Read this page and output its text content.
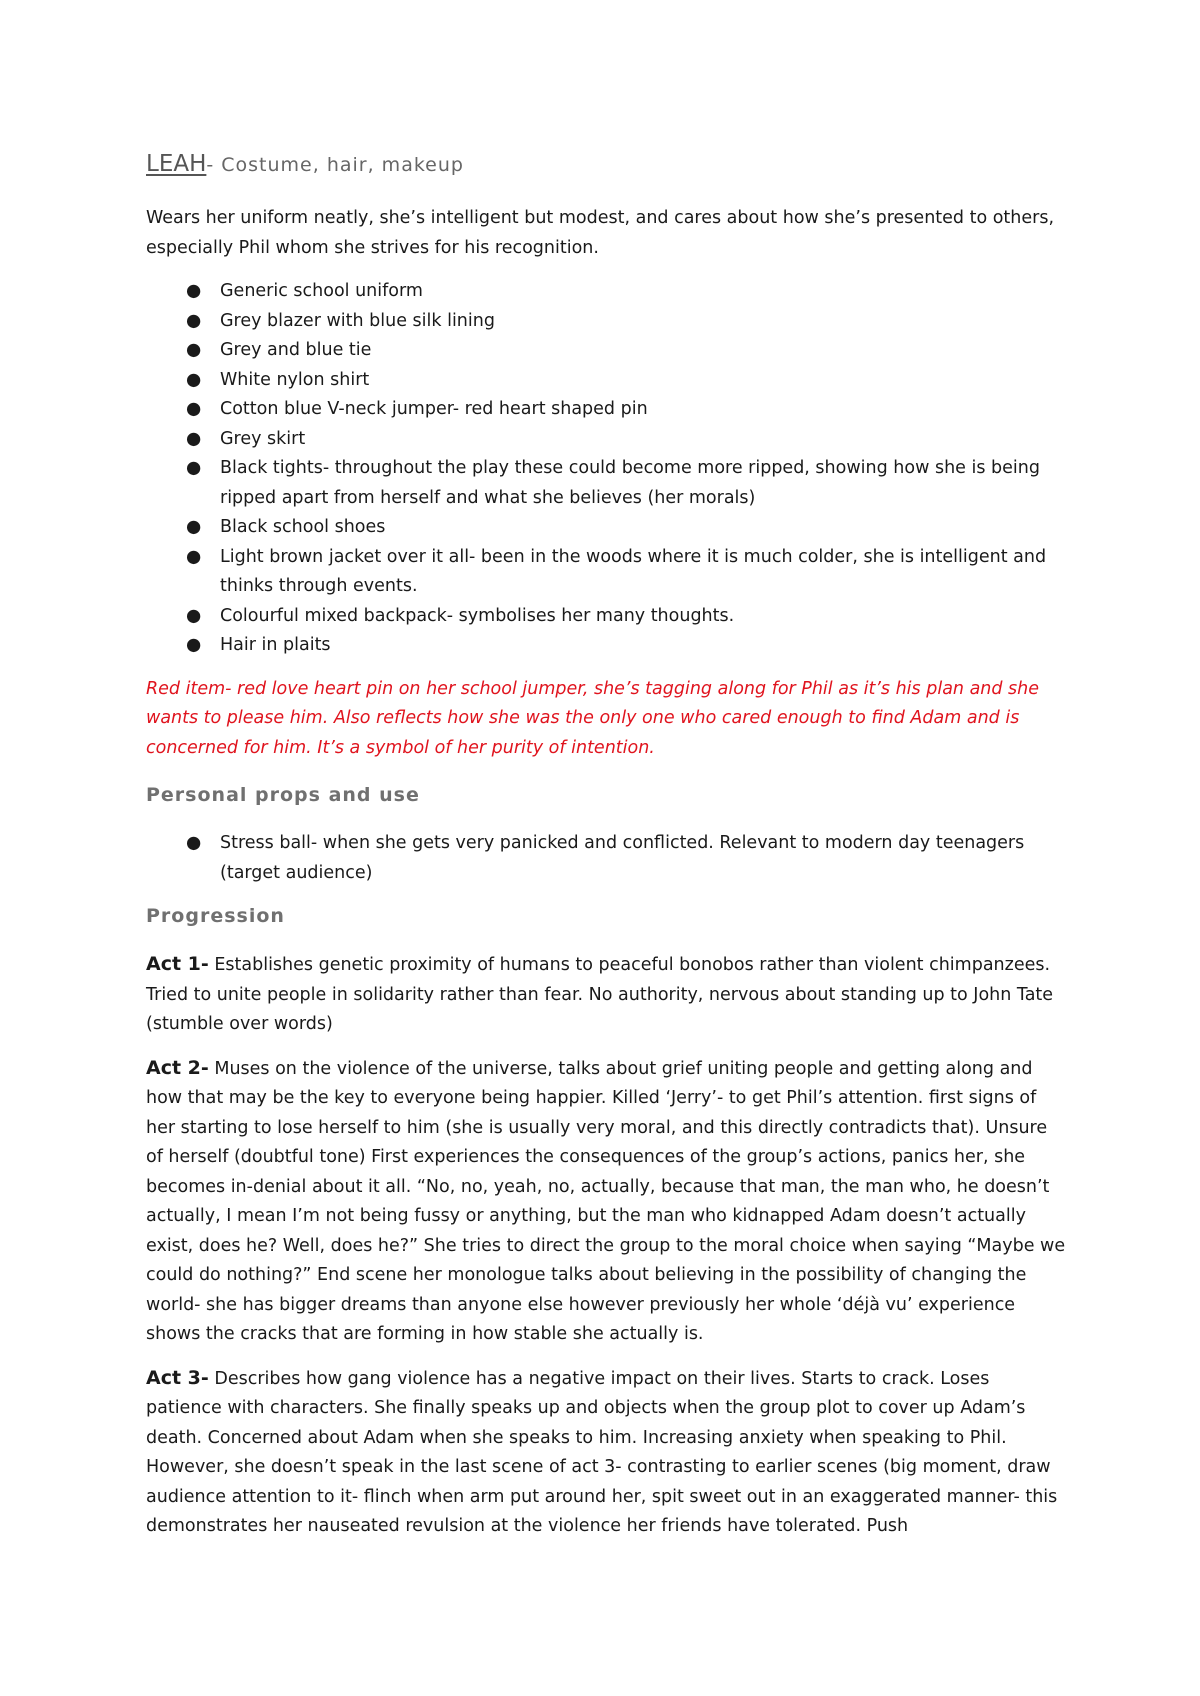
LEAH- Costume, hair, makeup

Wears her uniform neatly, she’s intelligent but modest, and cares about how she’s presented to others, especially Phil whom she strives for his recognition.

● Generic school uniform
● Grey blazer with blue silk lining
● Grey and blue tie
● White nylon shirt
● Cotton blue V-neck jumper- red heart shaped pin
● Grey skirt
● Black tights- throughout the play these could become more ripped, showing how she is being ripped apart from herself and what she believes (her morals)
● Black school shoes
● Light brown jacket over it all- been in the woods where it is much colder, she is intelligent and thinks through events.
● Colourful mixed backpack- symbolises her many thoughts.
● Hair in plaits

Red item- red love heart pin on her school jumper, she’s tagging along for Phil as it’s his plan and she wants to please him. Also reflects how she was the only one who cared enough to find Adam and is concerned for him. It’s a symbol of her purity of intention.

Personal props and use
● Stress ball- when she gets very panicked and conflicted. Relevant to modern day teenagers (target audience)
Progression

Act 1- Establishes genetic proximity of humans to peaceful bonobos rather than violent chimpanzees. Tried to unite people in solidarity rather than fear. No authority, nervous about standing up to John Tate (stumble over words)

Act 2- Muses on the violence of the universe, talks about grief uniting people and getting along and how that may be the key to everyone being happier. Killed ‘Jerry’- to get Phil’s attention. first signs of her starting to lose herself to him (she is usually very moral, and this directly contradicts that). Unsure of herself (doubtful tone) First experiences the consequences of the group’s actions, panics her, she becomes in-denial about it all. “No, no, yeah, no, actually, because that man, the man who, he doesn’t actually, I mean I’m not being fussy or anything, but the man who kidnapped Adam doesn’t actually exist, does he? Well, does he?” She tries to direct the group to the moral choice when saying “Maybe we could do nothing?” End scene her monologue talks about believing in the possibility of changing the world- she has bigger dreams than anyone else however previously her whole ‘déjà vu’ experience shows the cracks that are forming in how stable she actually is.

Act 3- Describes how gang violence has a negative impact on their lives. Starts to crack. Loses patience with characters. She finally speaks up and objects when the group plot to cover up Adam’s death. Concerned about Adam when she speaks to him. Increasing anxiety when speaking to Phil. However, she doesn’t speak in the last scene of act 3- contrasting to earlier scenes (big moment, draw audience attention to it- flinch when arm put around her, spit sweet out in an exaggerated manner- this demonstrates her nauseated revulsion at the violence her friends have tolerated. Push
